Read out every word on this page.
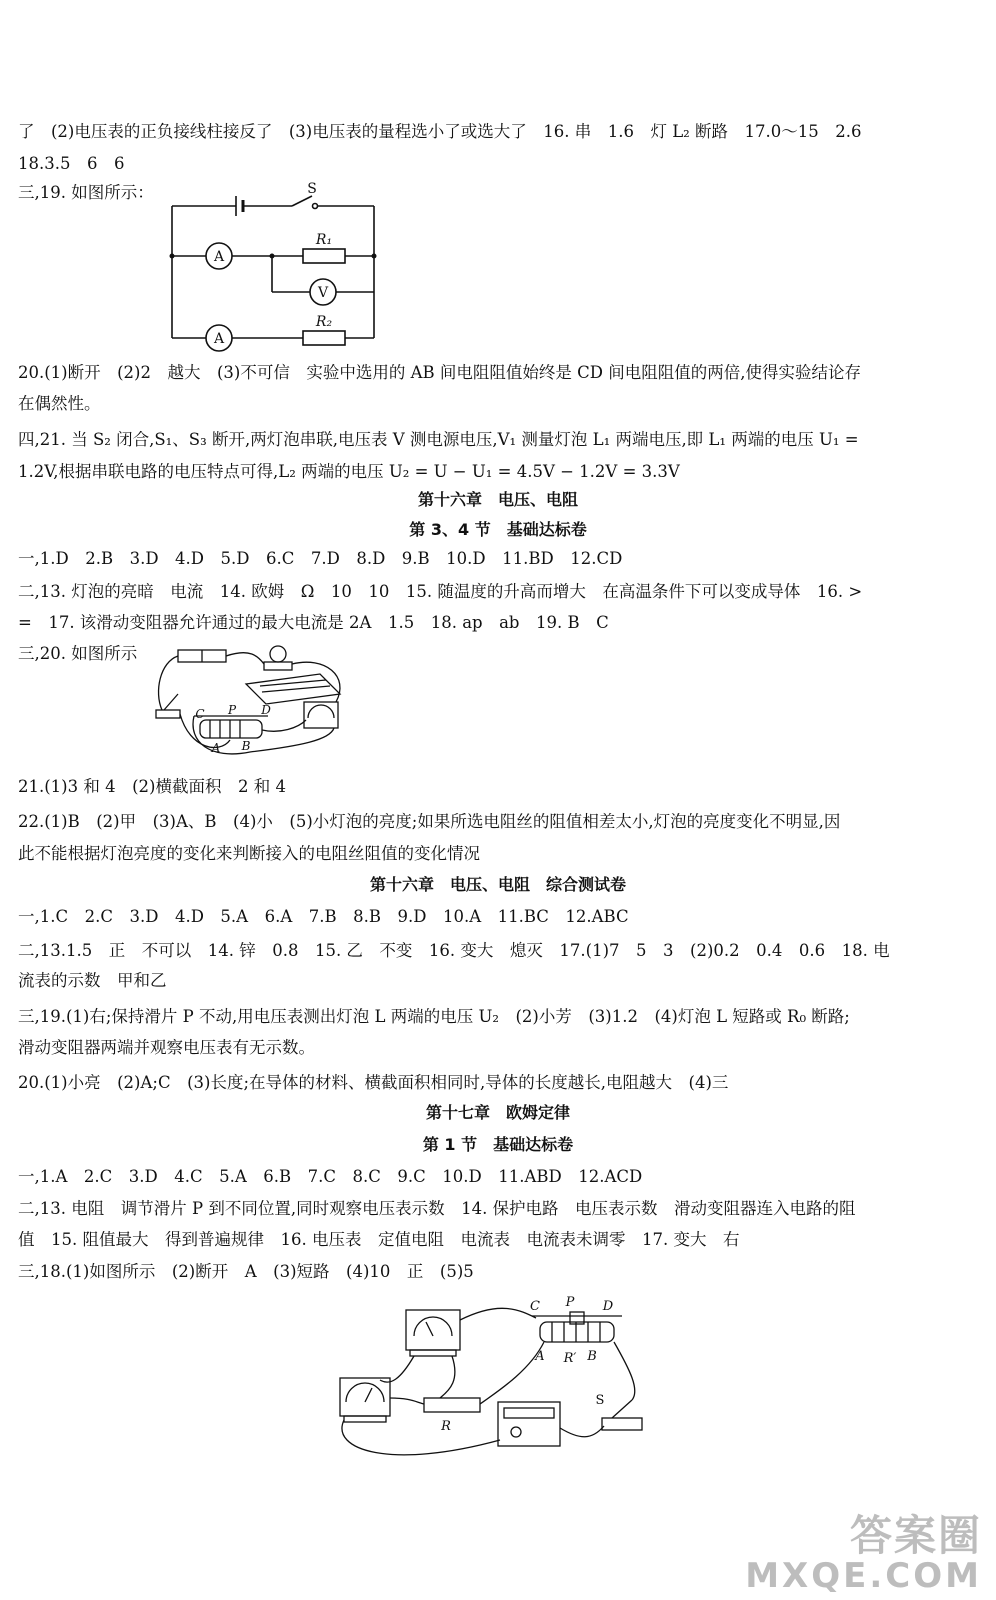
了　(2)电压表的正负接线柱接反了　(3)电压表的量程选小了或选大了　16. 串　1.6　灯 L₂ 断路　17.0～15　2.6
18.3.5　6　6
三,19. 如图所示：	S
A
V
A
R₁
R₂
20.(1)断开　(2)2　越大　(3)不可信　实验中选用的 AB 间电阻阻值始终是 CD 间电阻阻值的两倍,使得实验结论存
在偶然性。
四,21. 当 S₂ 闭合,S₁、S₃ 断开,两灯泡串联,电压表 V 测电源电压,V₁ 测量灯泡 L₁ 两端电压,即 L₁ 两端的电压 U₁ =
1.2V,根据串联电路的电压特点可得,L₂ 两端的电压 U₂ = U − U₁ = 4.5V − 1.2V = 3.3V
第十六章　电压、电阻
第 3、4 节　基础达标卷
一,1.D　2.B　3.D　4.D　5.D　6.C　7.D　8.D　9.B　10.D　11.BD　12.CD
二,13. 灯泡的亮暗　电流　14. 欧姆　Ω　10　10　15. 随温度的升高而增大　在高温条件下可以变成导体　16. >
=　17. 该滑动变阻器允许通过的最大电流是 2A　1.5　18. ap　ab　19. B　C
三,20. 如图所示
C P D
A B
21.(1)3 和 4　(2)横截面积　2 和 4
22.(1)B　(2)甲　(3)A、B　(4)小　(5)小灯泡的亮度;如果所选电阻丝的阻值相差太小,灯泡的亮度变化不明显,因
此不能根据灯泡亮度的变化来判断接入的电阻丝阻值的变化情况
第十六章　电压、电阻　综合测试卷
一,1.C　2.C　3.D　4.D　5.A　6.A　7.B　8.B　9.D　10.A　11.BC　12.ABC
二,13.1.5　正　不可以　14. 锌　0.8　15. 乙　不变　16. 变大　熄灭　17.(1)7　5　3　(2)0.2　0.4　0.6　18. 电
流表的示数　甲和乙
三,19.(1)右;保持滑片 P 不动,用电压表测出灯泡 L 两端的电压 U₂　(2)小芳　(3)1.2　(4)灯泡 L 短路或 R₀ 断路;
滑动变阻器两端并观察电压表有无示数。
20.(1)小亮　(2)A;C　(3)长度;在导体的材料、横截面积相同时,导体的长度越长,电阻越大　(4)三
第十七章　欧姆定律
第 1 节　基础达标卷
一,1.A　2.C　3.D　4.C　5.A　6.B　7.C　8.C　9.C　10.D　11.ABD　12.ACD
二,13. 电阻　调节滑片 P 到不同位置,同时观察电压表示数　14. 保护电路　电压表示数　滑动变阻器连入电路的阻
值　15. 阻值最大　得到普遍规律　16. 电压表　定值电阻　电流表　电流表未调零　17. 变大　右
三,18.(1)如图所示　(2)断开　A　(3)短路　(4)10　正　(5)5
C P D
A R′ B
R
S
答案圈
MXQE.COM
